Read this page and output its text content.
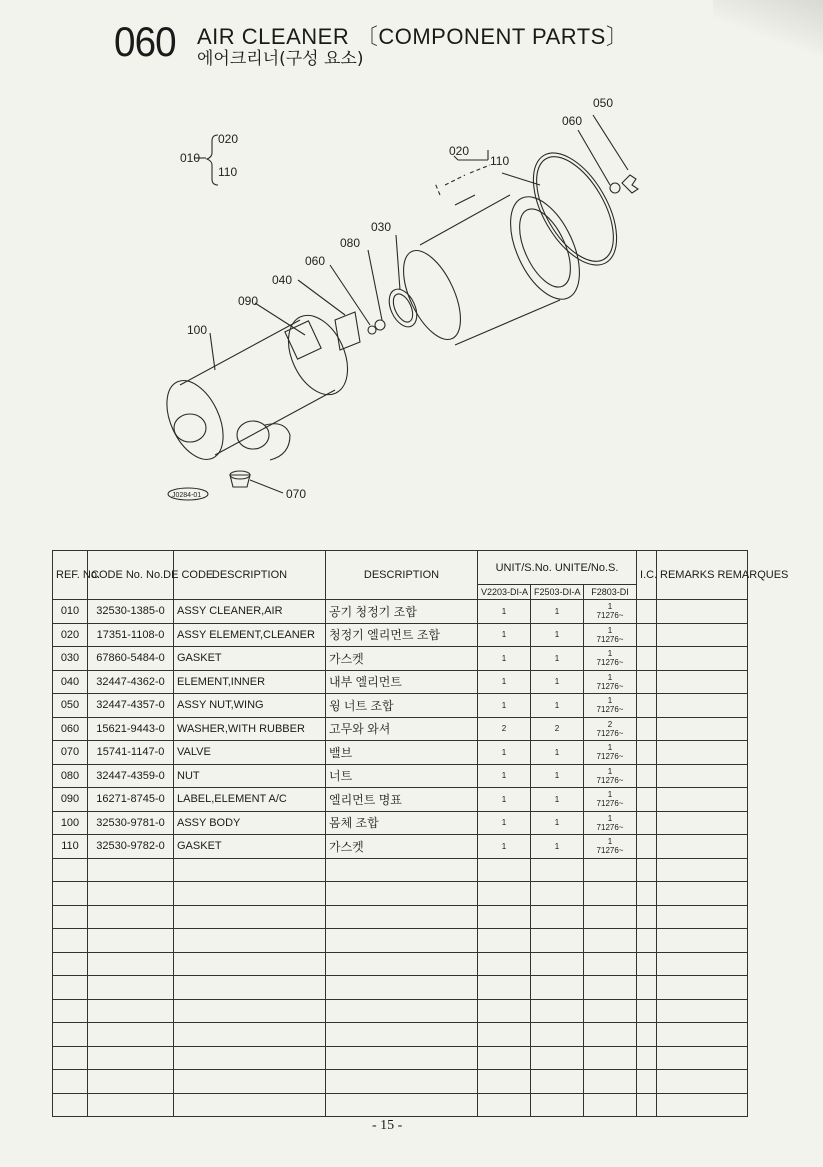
060 AIR CLEANER 〔COMPONENT PARTS〕
에어크리너(구성 요소)
010
020
110
020
110
050
060
030
080
060
040
090
100
070
J0284-01
REF. No.	CODE No. No.DE CODE	DESCRIPTION	DESCRIPTION	UNIT/S.No. UNITE/No.S.			I.C.	REMARKS REMARQUES
				V2203-DI-A	F2503-DI-A	F2803-DI		
010	32530-1385-0	ASSY CLEANER,AIR	공기 청정기 조합	1	1	1
71276~		

020	17351-1108-0	ASSY ELEMENT,CLEANER	청정기 엘리먼트 조합	1	1	1
71276~		

030	67860-5484-0	GASKET	가스켓	1	1	1
71276~		

040	32447-4362-0	ELEMENT,INNER	내부 엘리먼트	1	1	1
71276~		

050	32447-4357-0	ASSY NUT,WING	윙 너트 조합	1	1	1
71276~		

060	15621-9443-0	WASHER,WITH RUBBER	고무와 와셔	2	2	2
71276~		

070	15741-1147-0	VALVE	밸브	1	1	1
71276~		

080	32447-4359-0	NUT	너트	1	1	1
71276~		

090	16271-8745-0	LABEL,ELEMENT A/C	엘리먼트 명표	1	1	1
71276~		

100	32530-9781-0	ASSY BODY	몸체 조합	1	1	1
71276~		

110	32530-9782-0	GASKET	가스켓	1	1	1
71276~		

- 15 -
